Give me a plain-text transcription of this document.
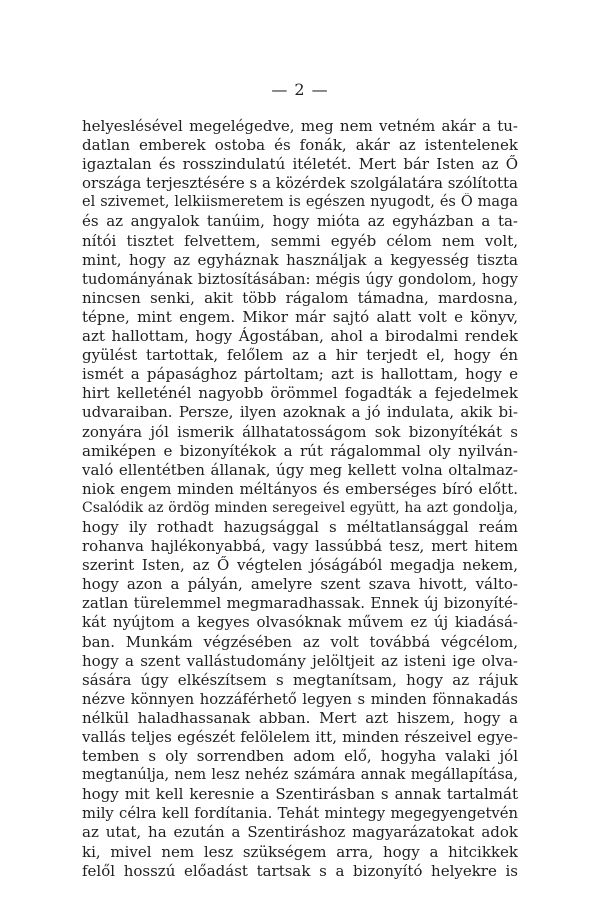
— 2 —
helyeslésével megelégedve, meg nem vetném akár a tu-
datlan emberek ostoba és fonák, akár az istentelenek
igaztalan és rosszindulatú itéletét. Mert bár Isten az Ő
országa terjesztésére s a közérdek szolgálatára szólította
el szivemet, lelkiismeretem is egészen nyugodt, és Ő maga
és az angyalok tanúim, hogy mióta az egyházban a ta-
nítói tisztet felvettem, semmi egyéb célom nem volt,
mint, hogy az egyháznak használjak a kegyesség tiszta
tudományának biztosításában: mégis úgy gondolom, hogy
nincsen senki, akit több rágalom támadna, mardosna,
tépne, mint engem. Mikor már sajtó alatt volt e könyv,
azt hallottam, hogy Ágostában, ahol a birodalmi rendek
gyülést tartottak, felőlem az a hir terjedt el, hogy én
ismét a pápasághoz pártoltam; azt is hallottam, hogy e
hirt kelleténél nagyobb örömmel fogadták a fejedelmek
udvaraiban. Persze, ilyen azoknak a jó indulata, akik bi-
zonyára jól ismerik állhatatosságom sok bizonyítékát s
amiképen e bizonyítékok a rút rágalommal oly nyilván-
való ellentétben állanak, úgy meg kellett volna oltalmaz-
niok engem minden méltányos és emberséges bíró előtt.
Csalódik az ördög minden seregeivel együtt, ha azt gondolja,
hogy ily rothadt hazugsággal s méltatlansággal reám
rohanva hajlékonyabbá, vagy lassúbbá tesz, mert hitem
szerint Isten, az Ő végtelen jóságából megadja nekem,
hogy azon a pályán, amelyre szent szava hivott, válto-
zatlan türelemmel megmaradhassak. Ennek új bizonyíté-
kát nyújtom a kegyes olvasóknak művem ez új kiadásá-
ban. Munkám végzésében az volt továbbá végcélom,
hogy a szent vallástudomány jelöltjeit az isteni ige olva-
sására úgy elkészítsem s megtanítsam, hogy az rájuk
nézve könnyen hozzáférhető legyen s minden fönnakadás
nélkül haladhassanak abban. Mert azt hiszem, hogy a
vallás teljes egészét felölelem itt, minden részeivel egye-
temben s oly sorrendben adom elő, hogyha valaki jól
megtanúlja, nem lesz nehéz számára annak megállapítása,
hogy mit kell keresnie a Szentirásban s annak tartalmát
mily célra kell fordítania. Tehát mintegy megegyengetvén
az utat, ha ezután a Szentiráshoz magyarázatokat adok
ki, mivel nem lesz szükségem arra, hogy a hitcikkek
felől hosszú előadást tartsak s a bizonyító helyekre is
